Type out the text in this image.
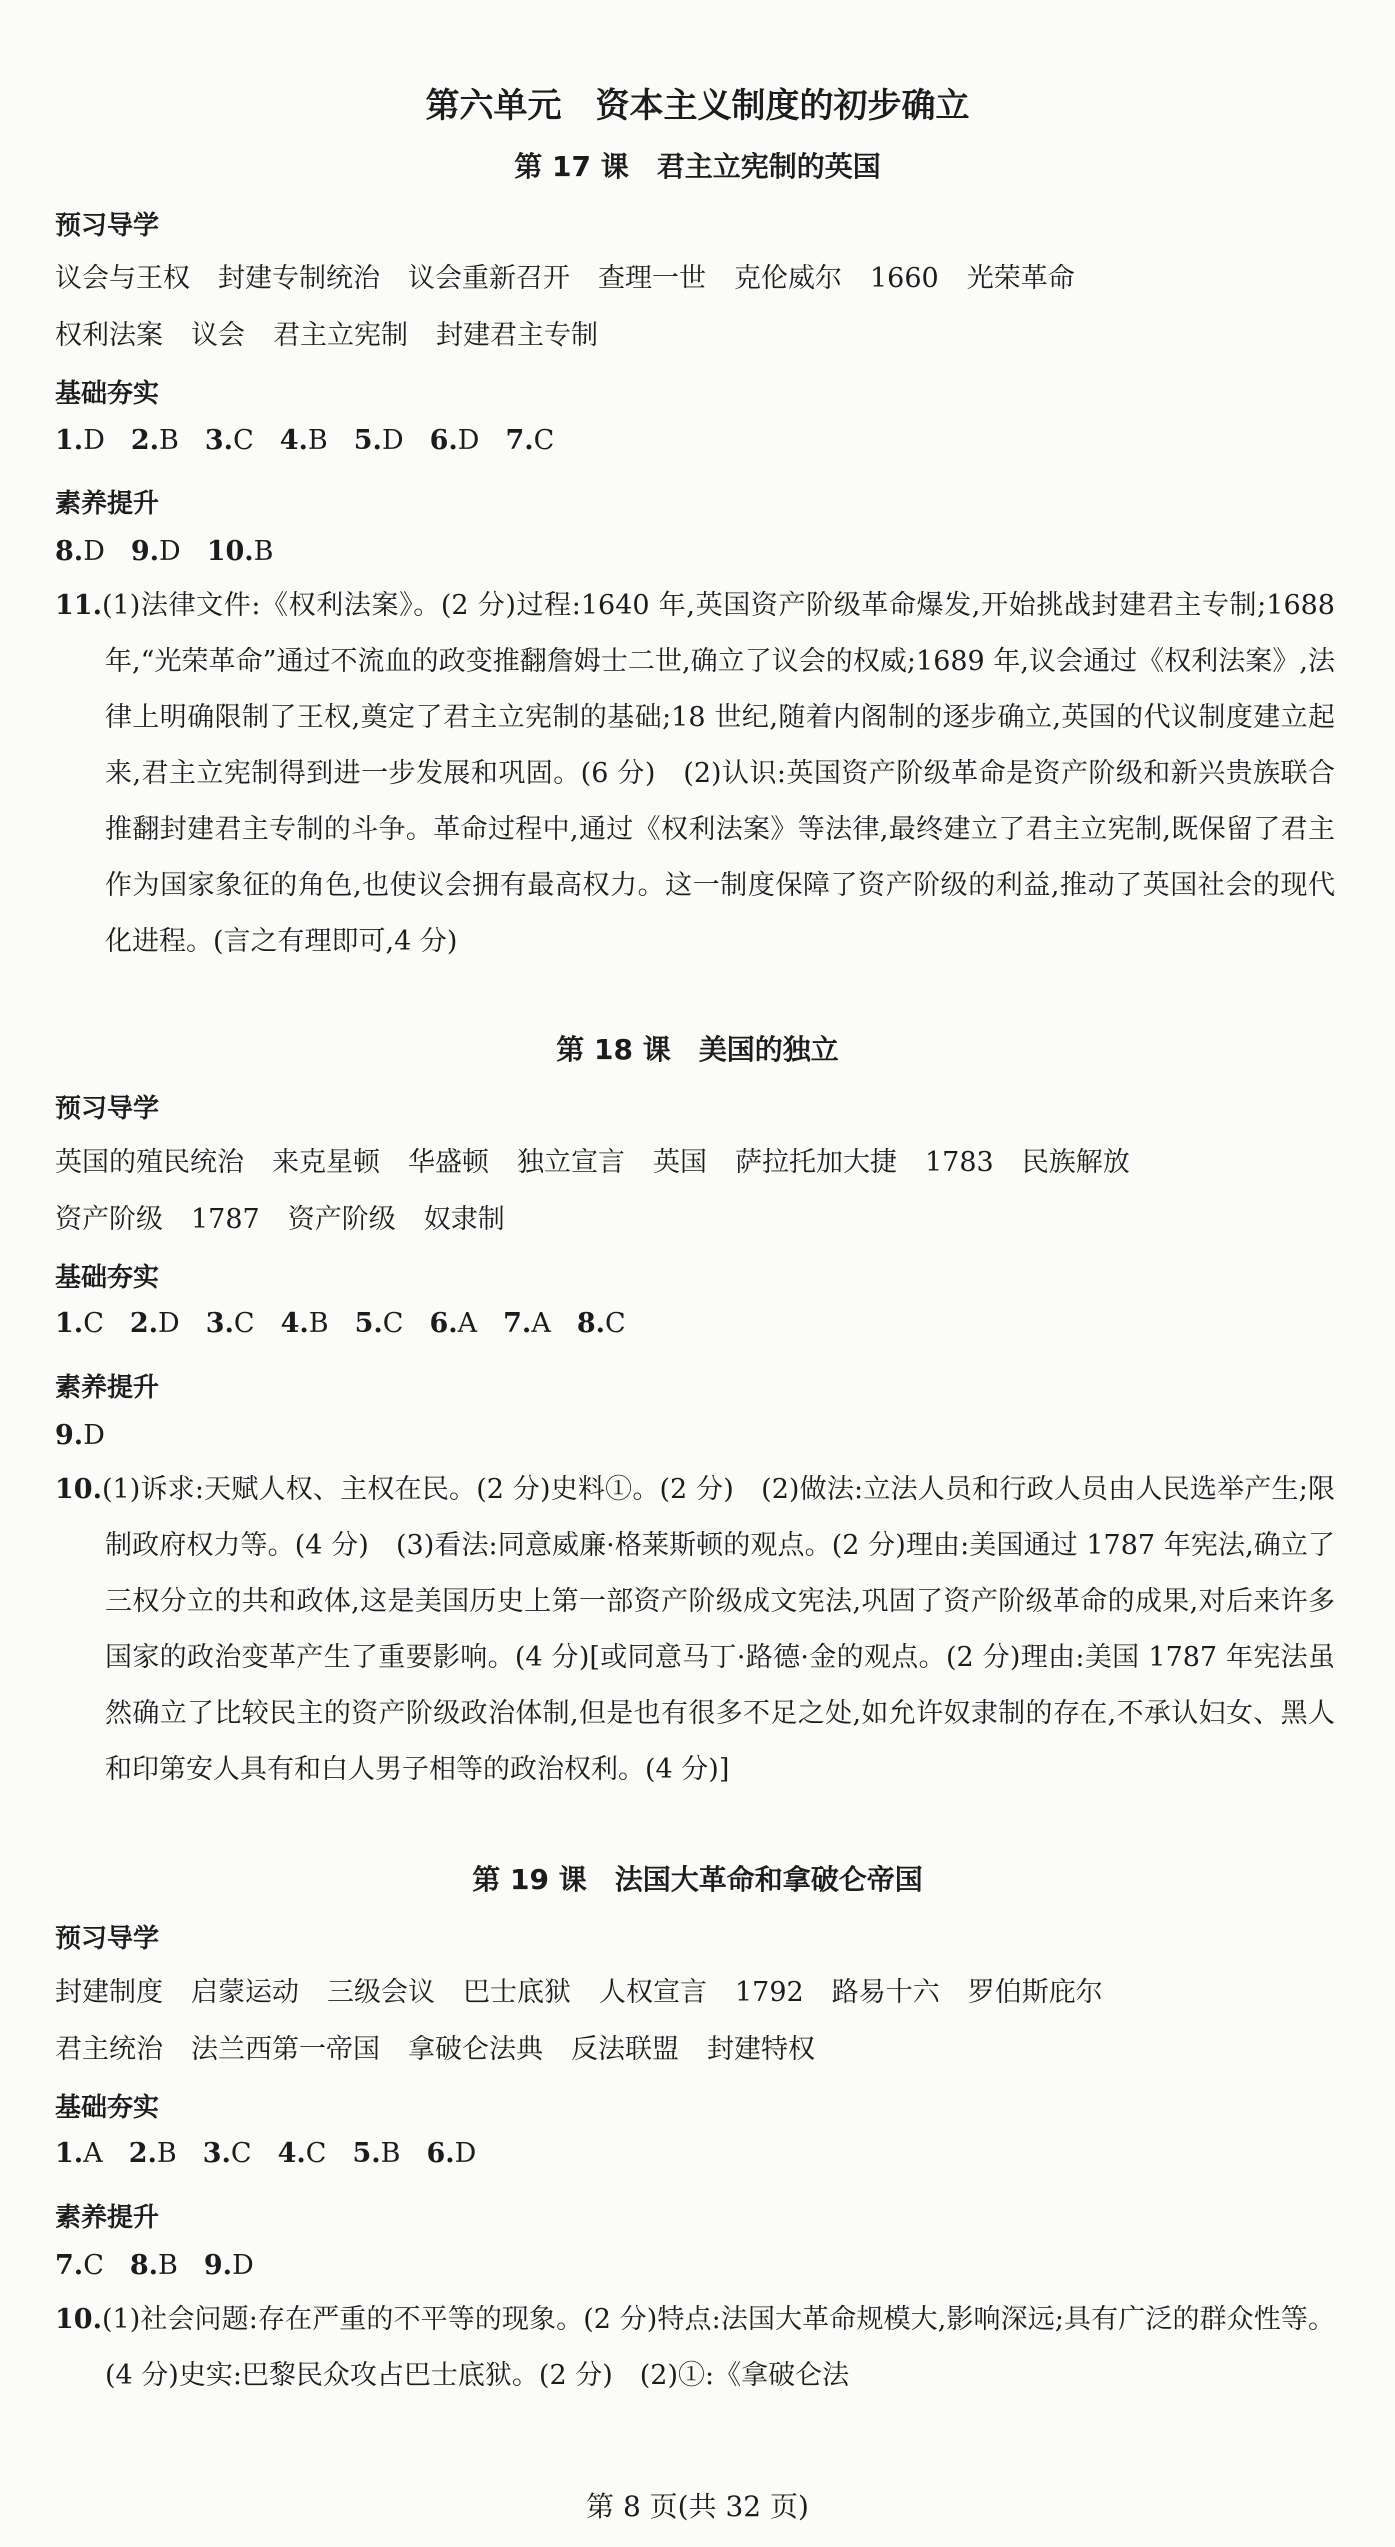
第六单元　资本主义制度的初步确立
第 17 课　君主立宪制的英国
预习导学
议会与王权 封建专制统治 议会重新召开 查理一世 克伦威尔 1660 光荣革命
权利法案 议会 君主立宪制 封建君主专制
基础夯实
1.D 2.B 3.C 4.B 5.D 6.D 7.C
素养提升
8.D 9.D 10.B
11.(1)法律文件:《权利法案》。(2 分)过程:1640 年,英国资产阶级革命爆发,开始挑战封建君主专制;1688 年,“光荣革命”通过不流血的政变推翻詹姆士二世,确立了议会的权威;1689 年,议会通过《权利法案》,法律上明确限制了王权,奠定了君主立宪制的基础;18 世纪,随着内阁制的逐步确立,英国的代议制度建立起来,君主立宪制得到进一步发展和巩固。(6 分)　(2)认识:英国资产阶级革命是资产阶级和新兴贵族联合推翻封建君主专制的斗争。革命过程中,通过《权利法案》等法律,最终建立了君主立宪制,既保留了君主作为国家象征的角色,也使议会拥有最高权力。这一制度保障了资产阶级的利益,推动了英国社会的现代化进程。(言之有理即可,4 分)
第 18 课　美国的独立
预习导学
英国的殖民统治 来克星顿 华盛顿 独立宣言 英国 萨拉托加大捷 1783 民族解放
资产阶级 1787 资产阶级 奴隶制
基础夯实
1.C 2.D 3.C 4.B 5.C 6.A 7.A 8.C
素养提升
9.D
10.(1)诉求:天赋人权、主权在民。(2 分)史料①。(2 分)　(2)做法:立法人员和行政人员由人民选举产生;限制政府权力等。(4 分)　(3)看法:同意威廉·格莱斯顿的观点。(2 分)理由:美国通过 1787 年宪法,确立了三权分立的共和政体,这是美国历史上第一部资产阶级成文宪法,巩固了资产阶级革命的成果,对后来许多国家的政治变革产生了重要影响。(4 分)[或同意马丁·路德·金的观点。(2 分)理由:美国 1787 年宪法虽然确立了比较民主的资产阶级政治体制,但是也有很多不足之处,如允许奴隶制的存在,不承认妇女、黑人和印第安人具有和白人男子相等的政治权利。(4 分)]
第 19 课　法国大革命和拿破仑帝国
预习导学
封建制度 启蒙运动 三级会议 巴士底狱 人权宣言 1792 路易十六 罗伯斯庇尔
君主统治 法兰西第一帝国 拿破仑法典 反法联盟 封建特权
基础夯实
1.A 2.B 3.C 4.C 5.B 6.D
素养提升
7.C 8.B 9.D
10.(1)社会问题:存在严重的不平等的现象。(2 分)特点:法国大革命规模大,影响深远;具有广泛的群众性等。(4 分)史实:巴黎民众攻占巴士底狱。(2 分)　(2)①:《拿破仑法
第 8 页(共 32 页)
